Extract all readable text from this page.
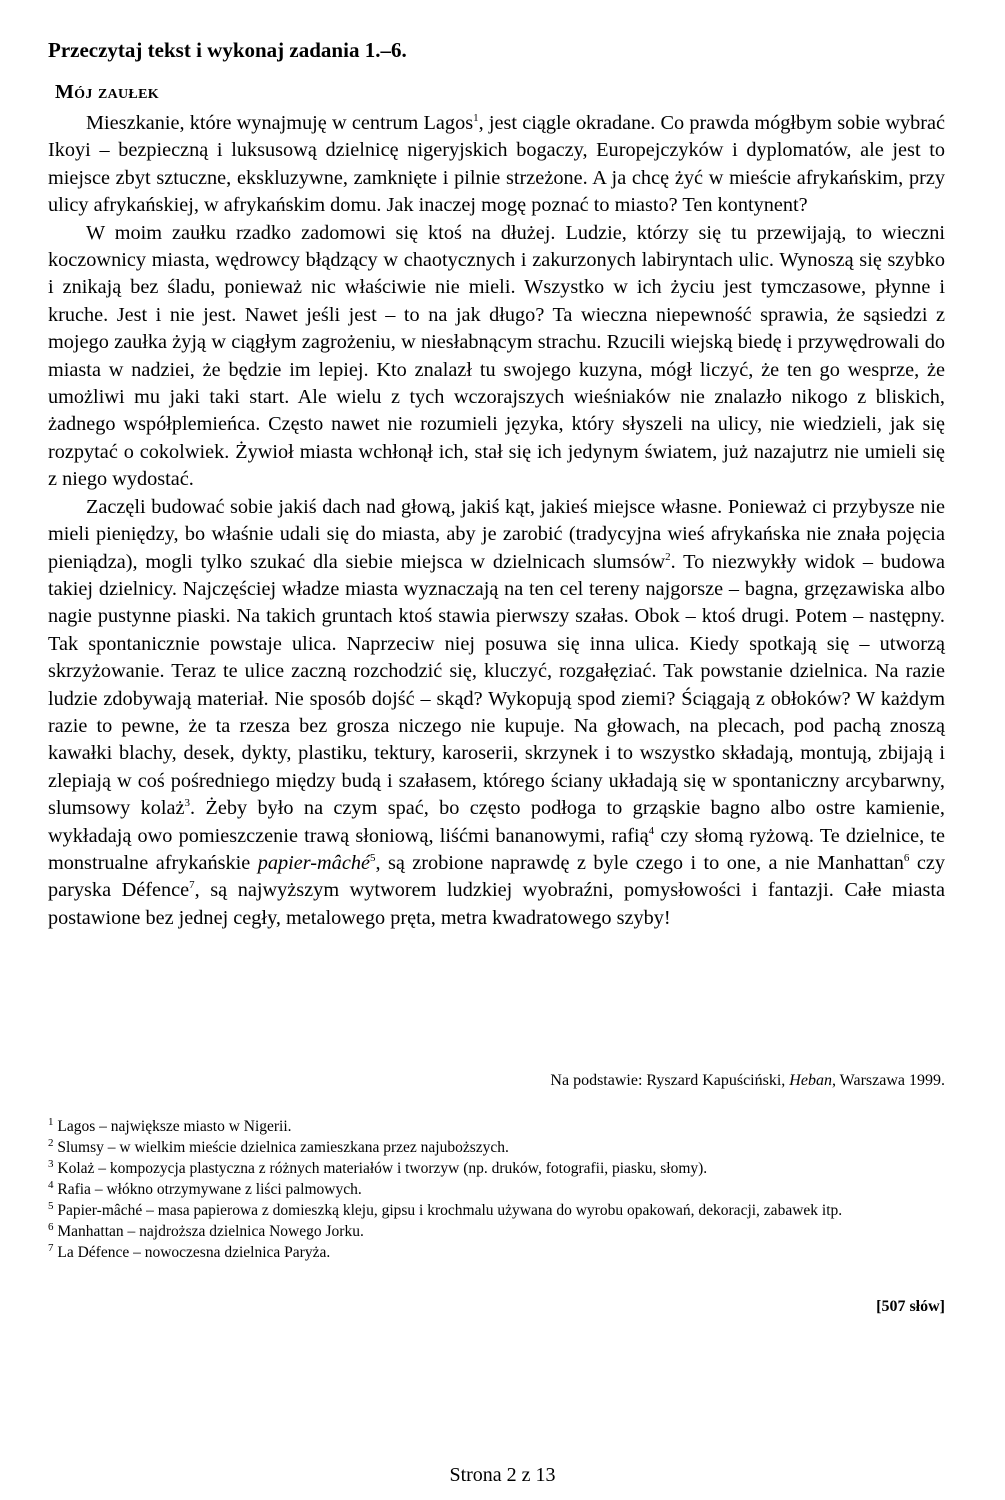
Przeczytaj tekst i wykonaj zadania 1.–6.
Mój zaułek

Mieszkanie, które wynajmuję w centrum Lagos$^1$, jest ciągle okradane. Co prawda mógłbym sobie wybrać Ikoyi – bezpieczną i luksusową dzielnicę nigeryjskich bogaczy, Europejczyków i dyplomatów, ale jest to miejsce zbyt sztuczne, ekskluzywne, zamknięte i pilnie strzeżone. A ja chcę żyć w mieście afrykańskim, przy ulicy afrykańskiej, w afrykańskim domu. Jak inaczej mogę poznać to miasto? Ten kontynent?

W moim zaułku rzadko zadomowi się ktoś na dłużej. Ludzie, którzy się tu przewijają, to wieczni koczownicy miasta, wędrowcy błądzący w chaotycznych i zakurzonych labiryntach ulic. Wynoszą się szybko i znikają bez śladu, ponieważ nic właściwie nie mieli. Wszystko w ich życiu jest tymczasowe, płynne i kruche. Jest i nie jest. Nawet jeśli jest – to na jak długo? Ta wieczna niepewność sprawia, że sąsiedzi z mojego zaułka żyją w ciągłym zagrożeniu, w niesłabnącym strachu. Rzucili wiejską biedę i przywędrowali do miasta w nadziei, że będzie im lepiej. Kto znalazł tu swojego kuzyna, mógł liczyć, że ten go wesprze, że umożliwi mu jaki taki start. Ale wielu z tych wczorajszych wieśniaków nie znalazło nikogo z bliskich, żadnego współplemieńca. Często nawet nie rozumieli języka, który słyszeli na ulicy, nie wiedzieli, jak się rozpytać o cokolwiek. Żywioł miasta wchłonął ich, stał się ich jedynym światem, już nazajutrz nie umieli się z niego wydostać.

Zaczęli budować sobie jakiś dach nad głową, jakiś kąt, jakieś miejsce własne. Ponieważ ci przybysze nie mieli pieniędzy, bo właśnie udali się do miasta, aby je zarobić (tradycyjna wieś afrykańska nie znała pojęcia pieniądza), mogli tylko szukać dla siebie miejsca w dzielnicach slumsów$^2$. To niezwykły widok – budowa takiej dzielnicy. Najczęściej władze miasta wyznaczają na ten cel tereny najgorsze – bagna, grzęzawiska albo nagie pustynne piaski. Na takich gruntach ktoś stawia pierwszy szałas. Obok – ktoś drugi. Potem – następny. Tak spontanicznie powstaje ulica. Naprzeciw niej posuwa się inna ulica. Kiedy spotkają się – utworzą skrzyżowanie. Teraz te ulice zaczną rozchodzić się, kluczyć, rozgałęziać. Tak powstanie dzielnica. Na razie ludzie zdobywają materiał. Nie sposób dojść – skąd? Wykopują spod ziemi? Ściągają z obłoków? W każdym razie to pewne, że ta rzesza bez grosza niczego nie kupuje. Na głowach, na plecach, pod pachą znoszą kawałki blachy, desek, dykty, plastiku, tektury, karoserii, skrzynek i to wszystko składają, montują, zbijają i zlepiają w coś pośredniego między budą i szałasem, którego ściany układają się w spontaniczny arcybarwny, slumsowy kolaż$^3$. Żeby było na czym spać, bo często podłoga to grząskie bagno albo ostre kamienie, wykładają owo pomieszczenie trawą słoniową, liśćmi bananowymi, rafią$^4$ czy słomą ryżową. Te dzielnice, te monstrualne afrykańskie papier-mâché$^5$, są zrobione naprawdę z byle czego i to one, a nie Manhattan$^6$ czy paryska Défence$^7$, są najwyższym wytworem ludzkiej wyobraźni, pomysłowości i fantazji. Całe miasta postawione bez jednej cegły, metalowego pręta, metra kwadratowego szyby!

Na podstawie: Ryszard Kapuściński, Heban, Warszawa 1999.
$^1$ Lagos – największe miasto w Nigerii.
$^2$ Slumsy – w wielkim mieście dzielnica zamieszkana przez najuboższych.
$^3$ Kolaż – kompozycja plastyczna z różnych materiałów i tworzyw (np. druków, fotografii, piasku, słomy).
$^4$ Rafia – włókno otrzymywane z liści palmowych.
$^5$ Papier-mâché – masa papierowa z domieszką kleju, gipsu i krochmalu używana do wyrobu opakowań, dekoracji, zabawek itp.
$^6$ Manhattan – najdroższa dzielnica Nowego Jorku.
$^7$ La Défence – nowoczesna dzielnica Paryża.
[507 słów]
Strona 2 z 13
